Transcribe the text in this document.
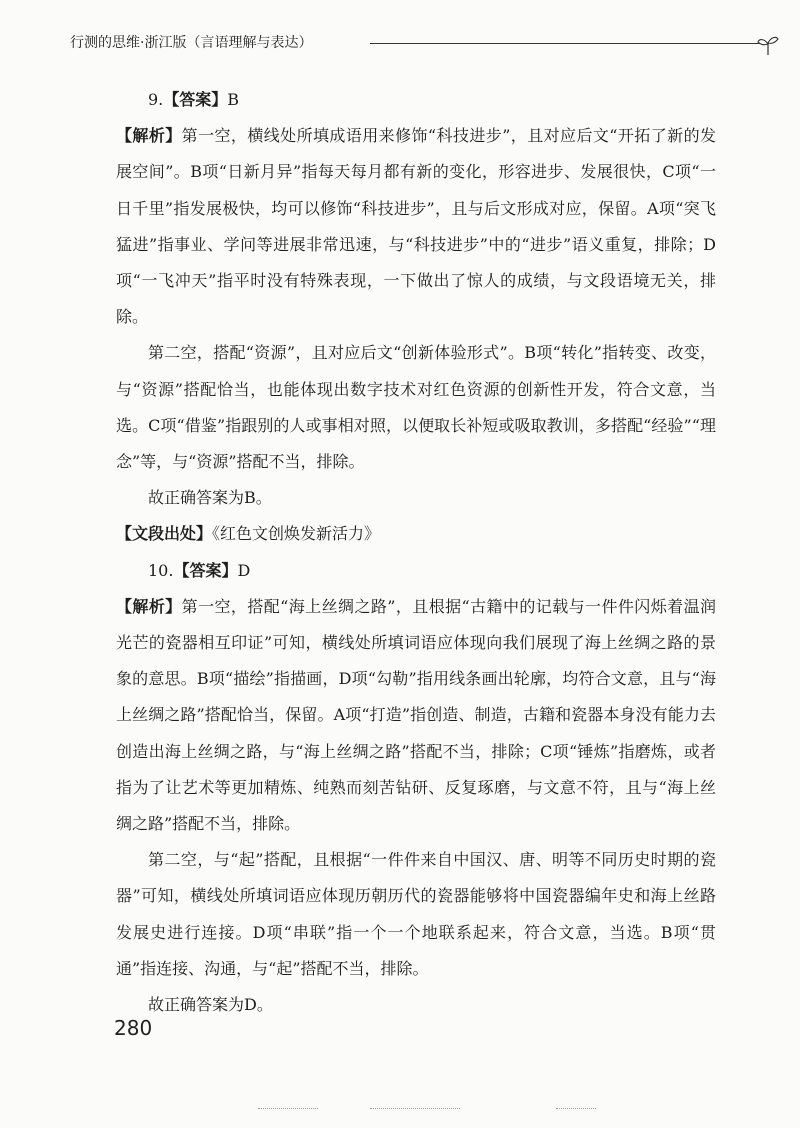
行测的思维·浙江版（言语理解与表达）

9.【答案】B

【解析】第一空，横线处所填成语用来修饰“科技进步”，且对应后文“开拓了新的发展空间”。B项“日新月异”指每天每月都有新的变化，形容进步、发展很快，C项“一日千里”指发展极快，均可以修饰“科技进步”，且与后文形成对应，保留。A项“突飞猛进”指事业、学问等进展非常迅速，与“科技进步”中的“进步”语义重复，排除；D项“一飞冲天”指平时没有特殊表现，一下做出了惊人的成绩，与文段语境无关，排除。

第二空，搭配“资源”，且对应后文“创新体验形式”。B项“转化”指转变、改变，与“资源”搭配恰当，也能体现出数字技术对红色资源的创新性开发，符合文意，当选。C项“借鉴”指跟别的人或事相对照，以便取长补短或吸取教训，多搭配“经验”“理念”等，与“资源”搭配不当，排除。

故正确答案为B。

【文段出处】《红色文创焕发新活力》

10.【答案】D

【解析】第一空，搭配“海上丝绸之路”，且根据“古籍中的记载与一件件闪烁着温润光芒的瓷器相互印证”可知，横线处所填词语应体现向我们展现了海上丝绸之路的景象的意思。B项“描绘”指描画，D项“勾勒”指用线条画出轮廓，均符合文意，且与“海上丝绸之路”搭配恰当，保留。A项“打造”指创造、制造，古籍和瓷器本身没有能力去创造出海上丝绸之路，与“海上丝绸之路”搭配不当，排除；C项“锤炼”指磨炼，或者指为了让艺术等更加精炼、纯熟而刻苦钻研、反复琢磨，与文意不符，且与“海上丝绸之路”搭配不当，排除。

第二空，与“起”搭配，且根据“一件件来自中国汉、唐、明等不同历史时期的瓷器”可知，横线处所填词语应体现历朝历代的瓷器能够将中国瓷器编年史和海上丝路发展史进行连接。D项“串联”指一个一个地联系起来，符合文意，当选。B项“贯通”指连接、沟通，与“起”搭配不当，排除。

故正确答案为D。

280
